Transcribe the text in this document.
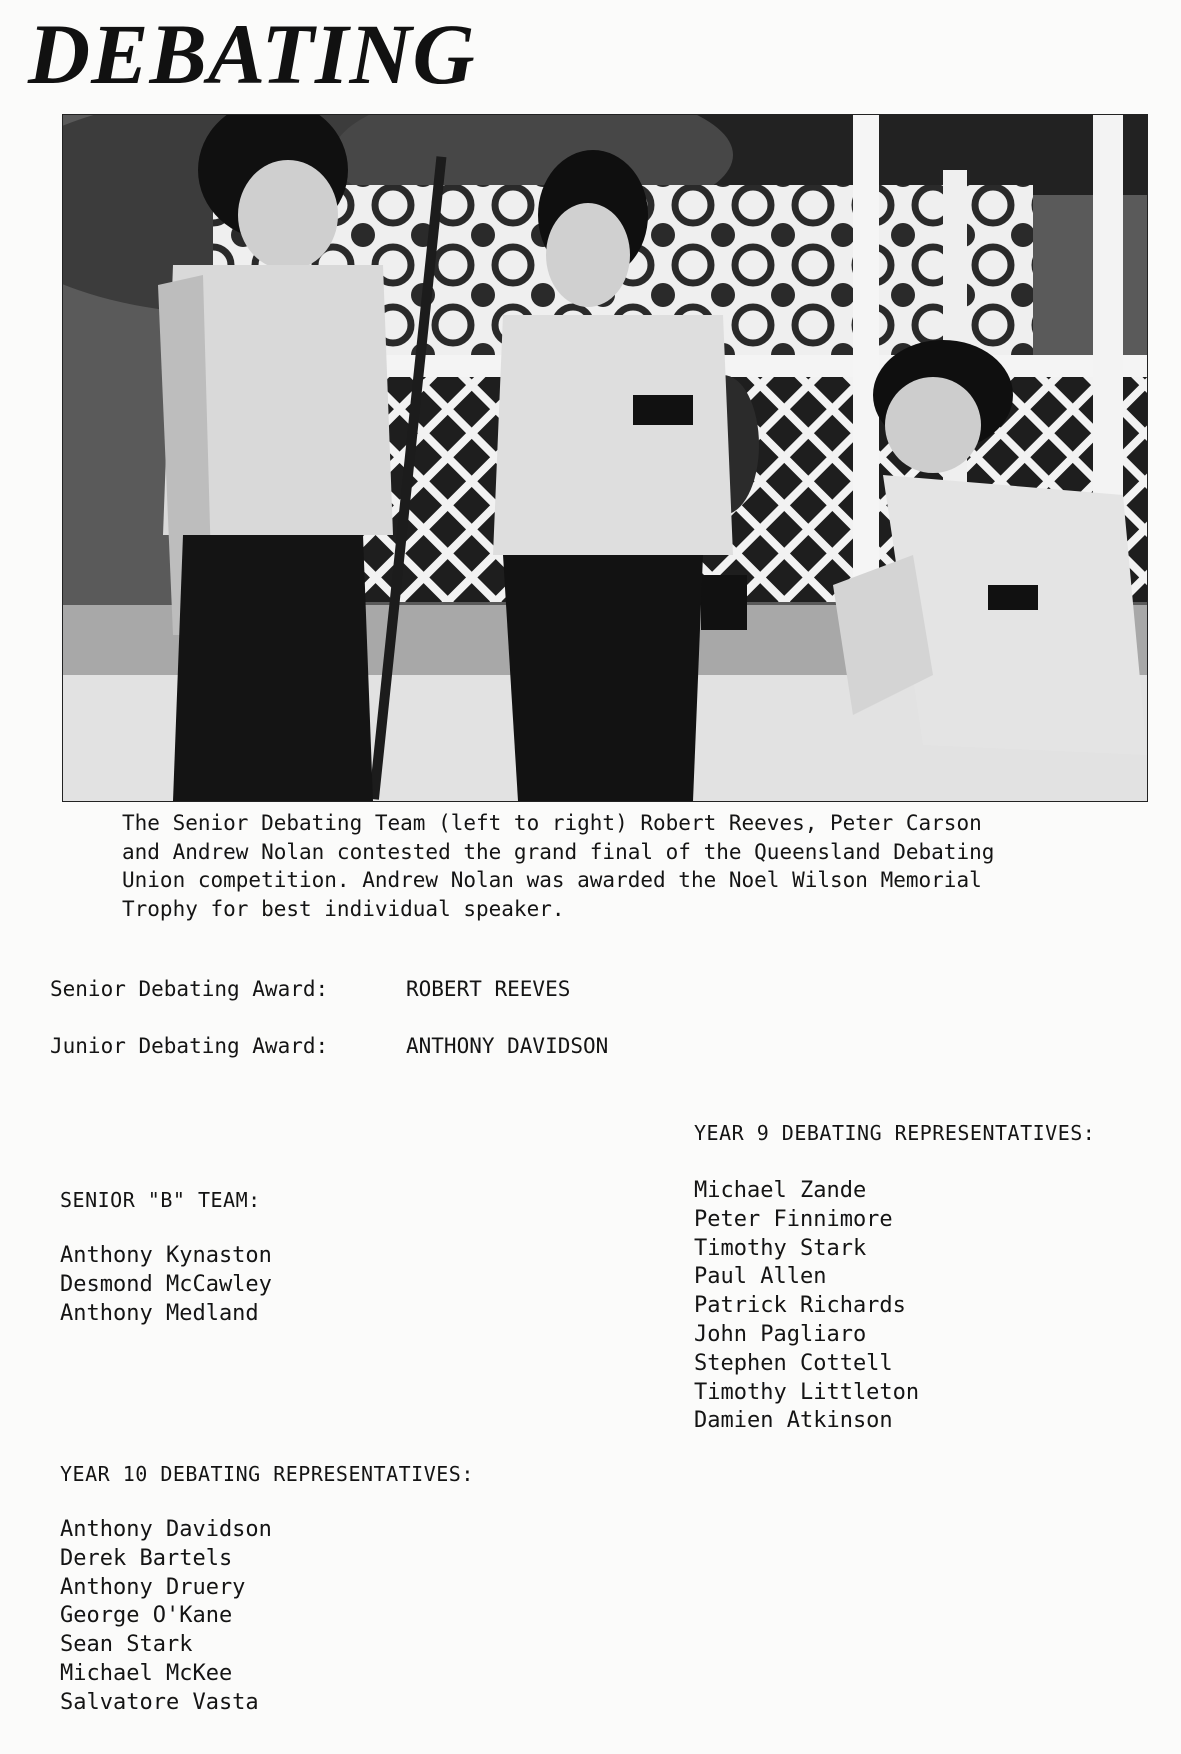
DEBATING

The Senior Debating Team (left to right) Robert Reeves, Peter Carson
and Andrew Nolan contested the grand final of the Queensland Debating
Union competition. Andrew Nolan was awarded the Noel Wilson Memorial
Trophy for best individual speaker.

Senior Debating Award:	ROBERT REEVES

Junior Debating Award:	ANTHONY DAVIDSON

YEAR 9 DEBATING REPRESENTATIVES:

Michael Zande
Peter Finnimore
Timothy Stark
Paul Allen
Patrick Richards
John Pagliaro
Stephen Cottell
Timothy Littleton
Damien Atkinson

SENIOR "B" TEAM:

Anthony Kynaston
Desmond McCawley
Anthony Medland

YEAR 10 DEBATING REPRESENTATIVES:

Anthony Davidson
Derek Bartels
Anthony Druery
George O'Kane
Sean Stark
Michael McKee
Salvatore Vasta
